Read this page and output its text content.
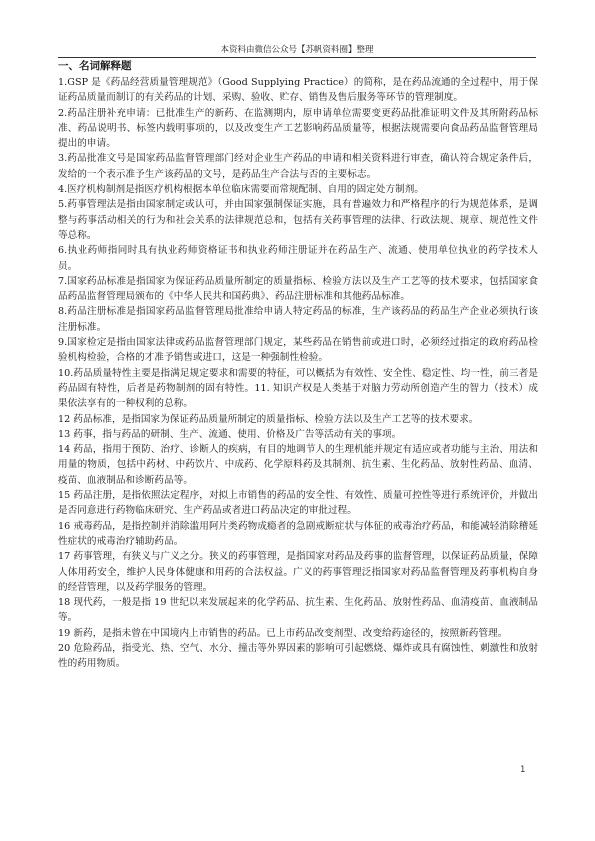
本资料由微信公众号【苏帆资料圈】整理
一、名词解释题

1.GSP 是《药品经营质量管理规范》（Good Supplying Practice）的简称，是在药品流通的全过程中，用于保证药品质量而制订的有关药品的计划、采购、验收、贮存、销售及售后服务等环节的管理制度。

2.药品注册补充申请：已批准生产的新药、在监测期内，原申请单位需要变更药品批准证明文件及其所附药品标准、药品说明书、标签内载明事项的，以及改变生产工艺影响药品质量等，根据法规需要向食品药品监督管理局提出的申请。

3.药品批准文号是国家药品监督管理部门经对企业生产药品的申请和相关资料进行审查，确认符合规定条件后，发给的一个表示准予生产该药品的文号，是药品生产合法与否的主要标志。

4.医疗机构制剂是指医疗机构根据本单位临床需要而常规配制、自用的固定处方制剂。

5.药事管理法是指由国家制定或认可，并由国家强制保证实施，具有普遍效力和严格程序的行为规范体系，是调整与药事活动相关的行为和社会关系的法律规范总和，包括有关药事管理的法律、行政法规、规章、规范性文件等总称。

6.执业药师指同时具有执业药师资格证书和执业药师注册证并在药品生产、流通、使用单位执业的药学技术人员。

7.国家药品标准是指国家为保证药品质量所制定的质量指标、检验方法以及生产工艺等的技术要求，包括国家食品药品监督管理局颁布的《中华人民共和国药典》、药品注册标准和其他药品标准。

8.药品注册标准是指国家药品监督管理局批准给申请人特定药品的标准，生产该药品的药品生产企业必须执行该注册标准。

9.国家检定是指由国家法律或药品监督管理部门规定，某些药品在销售前或进口时，必须经过指定的政府药品检验机构检验，合格的才准予销售或进口，这是一种强制性检验。

10.药品质量特性主要是指满足规定要求和需要的特征，可以概括为有效性、安全性、稳定性、均一性，前三者是药品固有特性，后者是药物制剂的固有特性。11. 知识产权是人类基于对脑力劳动所创造产生的智力（技术）成果依法享有的一种权利的总称。

12 药品标准，是指国家为保证药品质量所制定的质量指标、检验方法以及生产工艺等的技术要求。

13 药事，指与药品的研制、生产、流通、使用、价格及广告等活动有关的事项。

14 药品，指用于预防、治疗、诊断人的疾病，有目的地调节人的生理机能并规定有适应或者功能与主治、用法和用量的物质，包括中药材、中药饮片、中成药、化学原料药及其制剂、抗生素、生化药品、放射性药品、血清、疫苗、血液制品和诊断药品等。

15 药品注册，是指依照法定程序，对拟上市销售的药品的安全性、有效性、质量可控性等进行系统评价，并做出是否同意进行药物临床研究、生产药品或者进口药品决定的审批过程。

16 戒毒药品，是指控制并消除滥用阿片类药物成瘾者的急剧戒断症状与体征的戒毒治疗药品，和能减轻消除稽延性症状的戒毒治疗辅助药品。

17 药事管理，有狭义与广义之分。狭义的药事管理，是指国家对药品及药事的监督管理，以保证药品质量，保障人体用药安全，维护人民身体健康和用药的合法权益。广义的药事管理泛指国家对药品监督管理及药事机构自身的经营管理，以及药学服务的管理。

18 现代药，一般是指 19 世纪以来发展起来的化学药品、抗生素、生化药品、放射性药品、血清疫苗、血液制品等。

19 新药，是指未曾在中国境内上市销售的药品。已上市药品改变剂型、改变给药途径的，按照新药管理。

20 危险药品，指受光、热、空气、水分、撞击等外界因素的影响可引起燃烧、爆炸或具有腐蚀性、刺激性和放射性的药用物质。

1
